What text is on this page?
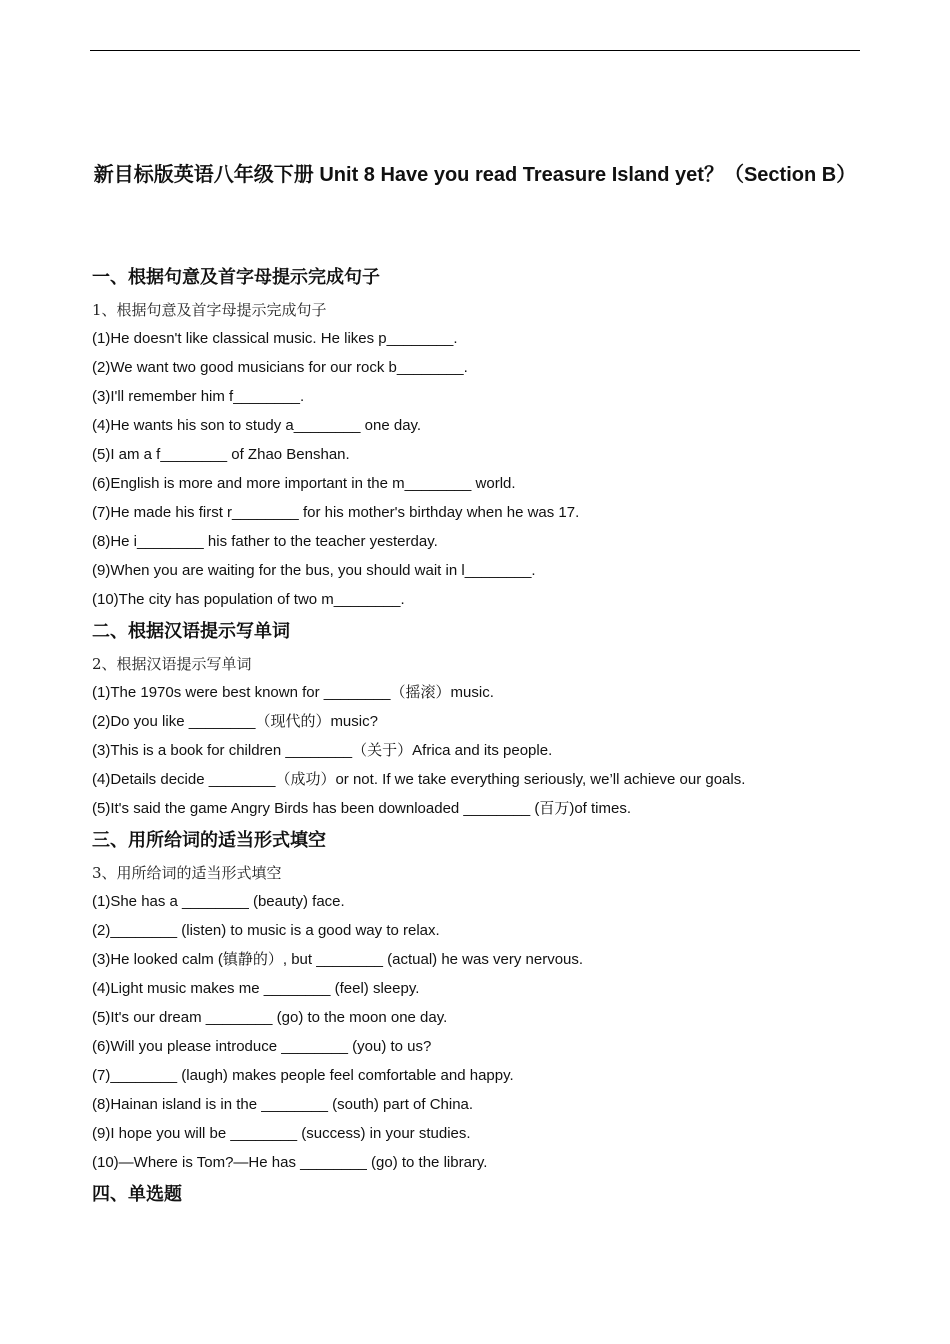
新目标版英语八年级下册 Unit 8 Have you read Treasure Island yet？（Section B）
一、根据句意及首字母提示完成句子
1、根据句意及首字母提示完成句子
(1)He doesn't like classical music. He likes p________.
(2)We want two good musicians for our rock b________.
(3)I'll remember him f________.
(4)He wants his son to study a________ one day.
(5)I am a f________ of Zhao Benshan.
(6)English is more and more important in the m________ world.
(7)He made his first r________ for his mother's birthday when he was 17.
(8)He i________ his father to the teacher yesterday.
(9)When you are waiting for the bus, you should wait in l________.
(10)The city has population of two m________.
二、根据汉语提示写单词
2、根据汉语提示写单词
(1)The 1970s were best known for ________（摇滚）music.
(2)Do you like ________（现代的）music?
(3)This is a book for children ________（关于）Africa and its people.
(4)Details decide ________（成功）or not. If we take everything seriously, we’ll achieve our goals.
(5)It's said the game Angry Birds has been downloaded ________ (百万)of times.
三、用所给词的适当形式填空
3、用所给词的适当形式填空
(1)She has a ________ (beauty) face.
(2)________ (listen) to music is a good way to relax.
(3)He looked calm (镇静的）, but ________ (actual) he was very nervous.
(4)Light music makes me ________ (feel) sleepy.
(5)It's our dream ________ (go) to the moon one day.
(6)Will you please introduce ________ (you) to us?
(7)________ (laugh) makes people feel comfortable and happy.
(8)Hainan island is in the ________ (south) part of China.
(9)I hope you will be ________ (success) in your studies.
(10)—Where is Tom?—He has ________ (go) to the library.
四、单选题
